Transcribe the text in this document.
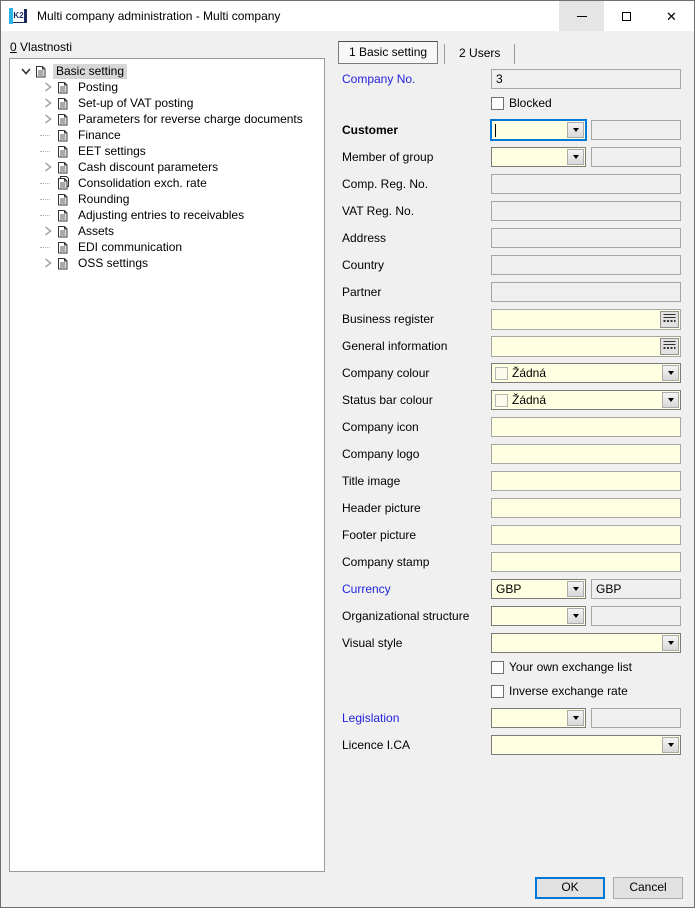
K2 Multi company administration - Multi company	✕
0 Vlastnosti
Basic setting
Posting
Set-up of VAT posting
Parameters for reverse charge documents
Finance
EET settings
Cash discount parameters
Consolidation exch. rate
Rounding
Adjusting entries to receivables
Assets
EDI communication
OSS settings
1 Basic setting	2 Users
Company No.	3
Blocked
Customer
Member of group
Comp. Reg. No.
VAT Reg. No.
Address
Country
Partner
Business register
General information
Company colour	Žádná
Status bar colour	Žádná
Company icon
Company logo
Title image
Header picture
Footer picture
Company stamp
Currency	GBP	GBP
Organizational structure
Visual style
Your own exchange list
Inverse exchange rate
Legislation
Licence I.CA
OK	Cancel
